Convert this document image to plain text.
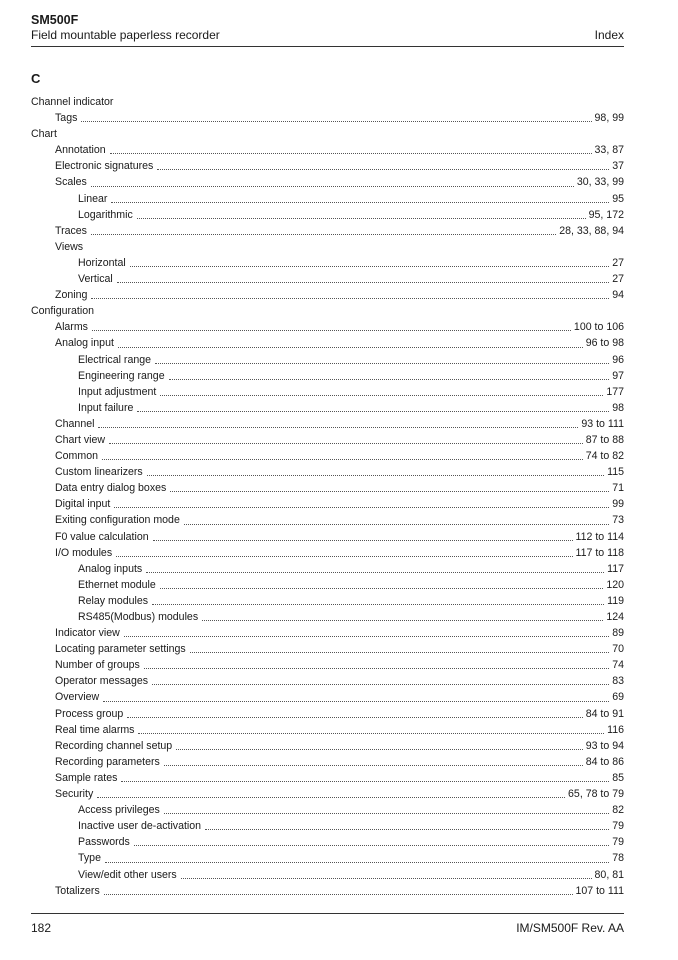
SM500F
Field mountable paperless recorder	Index
C
Channel indicator
Tags	98, 99
Chart
Annotation	33, 87
Electronic signatures	37
Scales	30, 33, 99
Linear	95
Logarithmic	95, 172
Traces	28, 33, 88, 94
Views
Horizontal	27
Vertical	27
Zoning	94
Configuration
Alarms	100 to 106
Analog input	96 to 98
Electrical range	96
Engineering range	97
Input adjustment	177
Input failure	98
Channel	93 to 111
Chart view	87 to 88
Common	74 to 82
Custom linearizers	115
Data entry dialog boxes	71
Digital input	99
Exiting configuration mode	73
F0 value calculation	112 to 114
I/O modules	117 to 118
Analog inputs	117
Ethernet module	120
Relay modules	119
RS485(Modbus) modules	124
Indicator view	89
Locating parameter settings	70
Number of groups	74
Operator messages	83
Overview	69
Process group	84 to 91
Real time alarms	116
Recording channel setup	93 to 94
Recording parameters	84 to 86
Sample rates	85
Security	65, 78 to 79
Access privileges	82
Inactive user de-activation	79
Passwords	79
Type	78
View/edit other users	80, 81
Totalizers	107 to 111
182	IM/SM500F Rev. AA
